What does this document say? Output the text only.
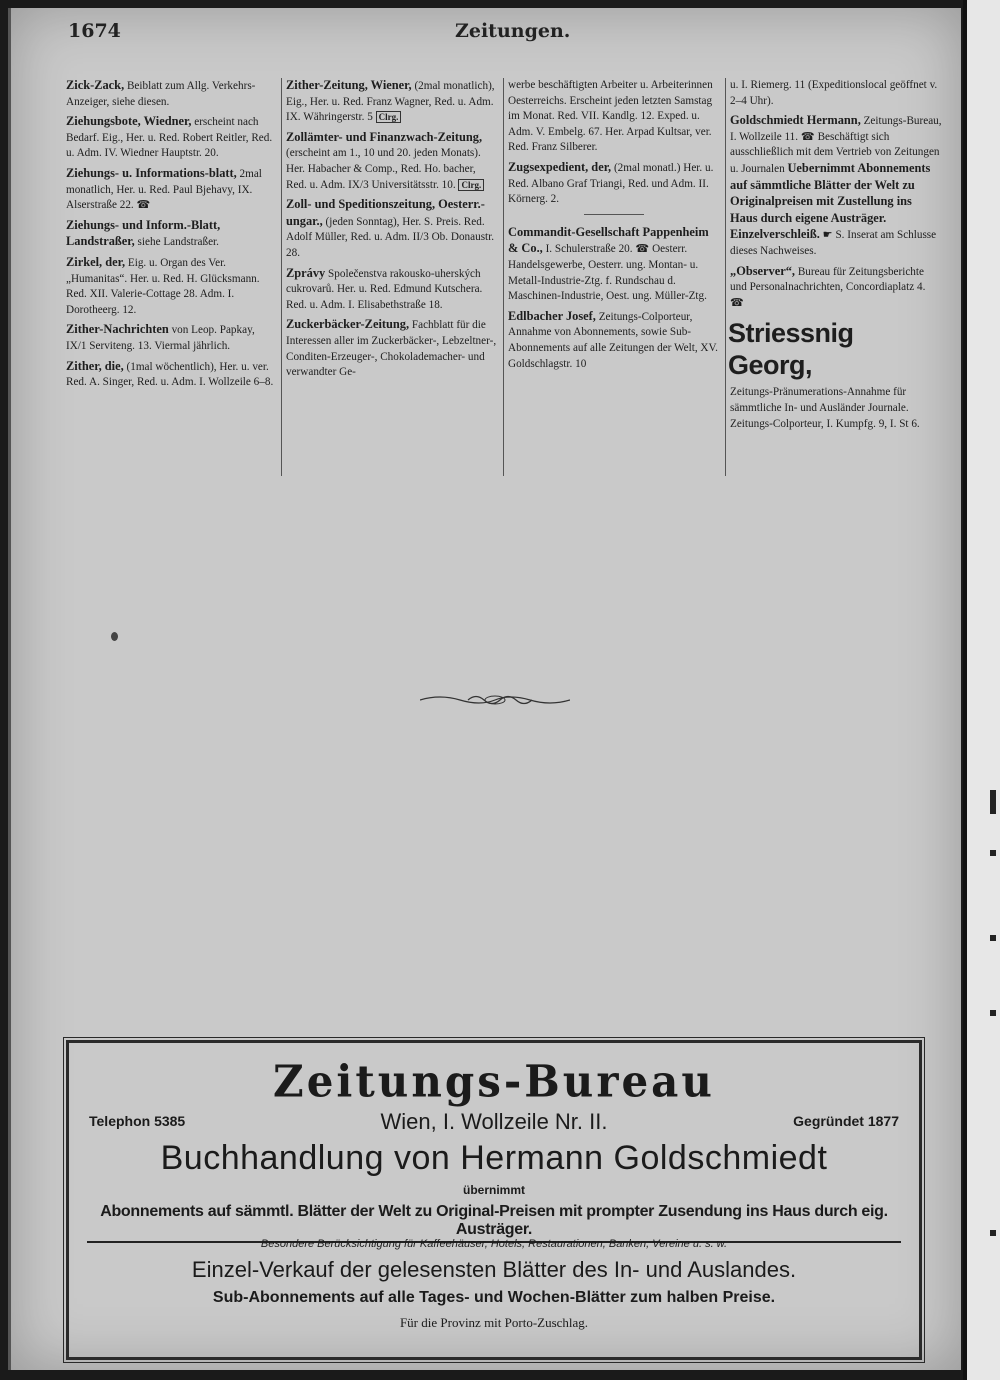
1674	Zeitungen.

Zick-Zack, Beiblatt zum Allg. Verkehrs-Anzeiger, siehe diesen.

Ziehungsbote, Wiedner, erscheint nach Bedarf. Eig., Her. u. Red. Robert Reitler, Red. u. Adm. IV. Wiedner Hauptstr. 20.

Ziehungs- u. Informations-blatt, 2mal monatlich, Her. u. Red. Paul Bjehavy, IX. Alserstraße 22. ☎

Ziehungs- und Inform.-Blatt, Landstraßer, siehe Landstraßer.

Zirkel, der, Eig. u. Organ des Ver. „Humanitas“. Her. u. Red. H. Glücksmann. Red. XII. Valerie-Cottage 28. Adm. I. Dorotheerg. 12.

Zither-Nachrichten von Leop. Papkay, IX/1 Serviteng. 13. Viermal jährlich.

Zither, die, (1mal wöchentlich), Her. u. ver. Red. A. Singer, Red. u. Adm. I. Wollzeile 6–8.

Zither-Zeitung, Wiener, (2mal monatlich), Eig., Her. u. Red. Franz Wagner, Red. u. Adm. IX. Währingerstr. 5 Clrg.

Zollämter- und Finanzwach-Zeitung, (erscheint am 1., 10 und 20. jeden Monats). Her. Habacher & Comp., Red. Ho. bacher, Red. u. Adm. IX/3 Universitätsstr. 10. Clrg.

Zoll- und Speditionszeitung, Oesterr.-ungar., (jeden Sonntag), Her. S. Preis. Red. Adolf Müller, Red. u. Adm. II/3 Ob. Donaustr. 28.

Zprávy Společenstva rakousko-uherských cukrovarů. Her. u. Red. Edmund Kutschera. Red. u. Adm. I. Elisabethstraße 18.

Zuckerbäcker-Zeitung, Fachblatt für die Interessen aller im Zuckerbäcker-, Lebzeltner-, Conditen-Erzeuger-, Chokolademacher- und verwandter Ge-

werbe beschäftigten Arbeiter u. Arbeiterinnen Oesterreichs. Erscheint jeden letzten Samstag im Monat. Red. VII. Kandlg. 12. Exped. u. Adm. V. Embelg. 67. Her. Arpad Kultsar, ver. Red. Franz Silberer.

Zugsexpedient, der, (2mal monatl.) Her. u. Red. Albano Graf Triangi, Red. und Adm. II. Körnerg. 2.

Commandit-Gesellschaft Pappenheim & Co., I. Schulerstraße 20. ☎ Oesterr. Handelsgewerbe, Oesterr. ung. Montan- u. Metall-Industrie-Ztg. f. Rundschau d. Maschinen-Industrie, Oest. ung. Müller-Ztg.

Edlbacher Josef, Zeitungs-Colporteur, Annahme von Abonnements, sowie Sub-Abonnements auf alle Zeitungen der Welt, XV. Goldschlagstr. 10

u. I. Riemerg. 11 (Expeditionslocal geöffnet v. 2–4 Uhr).

Goldschmiedt Hermann, Zeitungs-Bureau, I. Wollzeile 11. ☎ Beschäftigt sich ausschließlich mit dem Vertrieb von Zeitungen u. Journalen Uebernimmt Abonnements auf sämmtliche Blätter der Welt zu Originalpreisen mit Zustellung ins Haus durch eigene Austräger. Einzelverschleiß. ☛ S. Inserat am Schlusse dieses Nachweises.

„Observer“, Bureau für Zeitungsberichte und Personalnachrichten, Concordiaplatz 4. ☎

Striessnig Georg,

Zeitungs-Pränumerations-Annahme für sämmtliche In- und Ausländer Journale. Zeitungs-Colporteur, I. Kumpfg. 9, I. St 6.

Zeitungs-Bureau
Telephon 5385	Wien, I. Wollzeile Nr. II.	Gegründet 1877
Buchhandlung von Hermann Goldschmiedt
übernimmt
Abonnements auf sämmtl. Blätter der Welt zu Original-Preisen mit prompter Zusendung ins Haus durch eig. Austräger.
Besondere Berücksichtigung für Kaffeehäuser, Hotels, Restaurationen, Banken, Vereine u. s. w.
Einzel-Verkauf der gelesensten Blätter des In- und Auslandes.
Sub-Abonnements auf alle Tages- und Wochen-Blätter zum halben Preise.
Für die Provinz mit Porto-Zuschlag.
